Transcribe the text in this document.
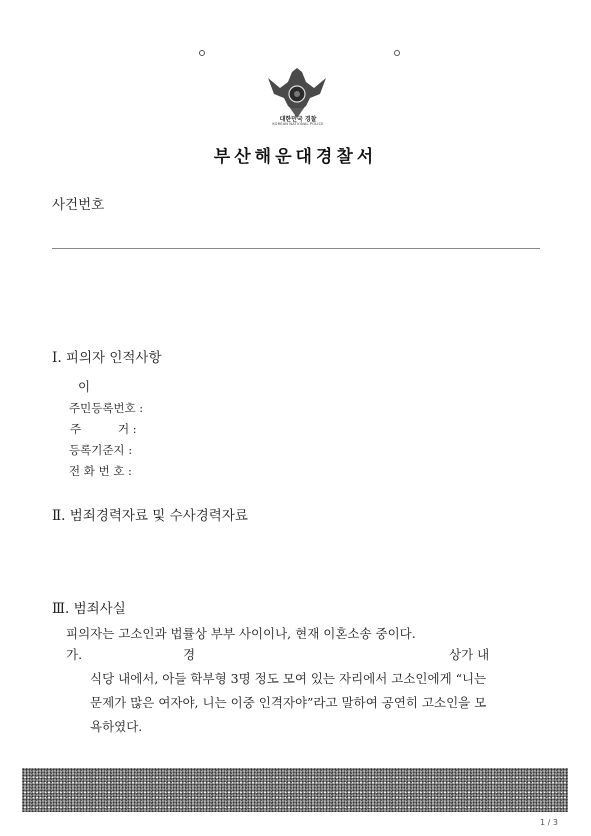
대한민국 경찰
KOREAN NATIONAL POLICE
부산해운대경찰서
사건번호
Ⅰ. 피의자 인적사항
이
주민등록번호 :
주	거 :
등록기준지 :
전 화 번 호 :
Ⅱ. 범죄경력자료 및 수사경력자료
Ⅲ. 범죄사실
피의자는 고소인과 법률상 부부 사이이나, 현재 이혼소송 중이다.
가.	경	상가 내
식당 내에서, 아들 학부형 3명 정도 모여 있는 자리에서 고소인에게 “니는
문제가 많은 여자야, 니는 이중 인격자야”라고 말하여 공연히 고소인을 모
욕하였다.
1 / 3
